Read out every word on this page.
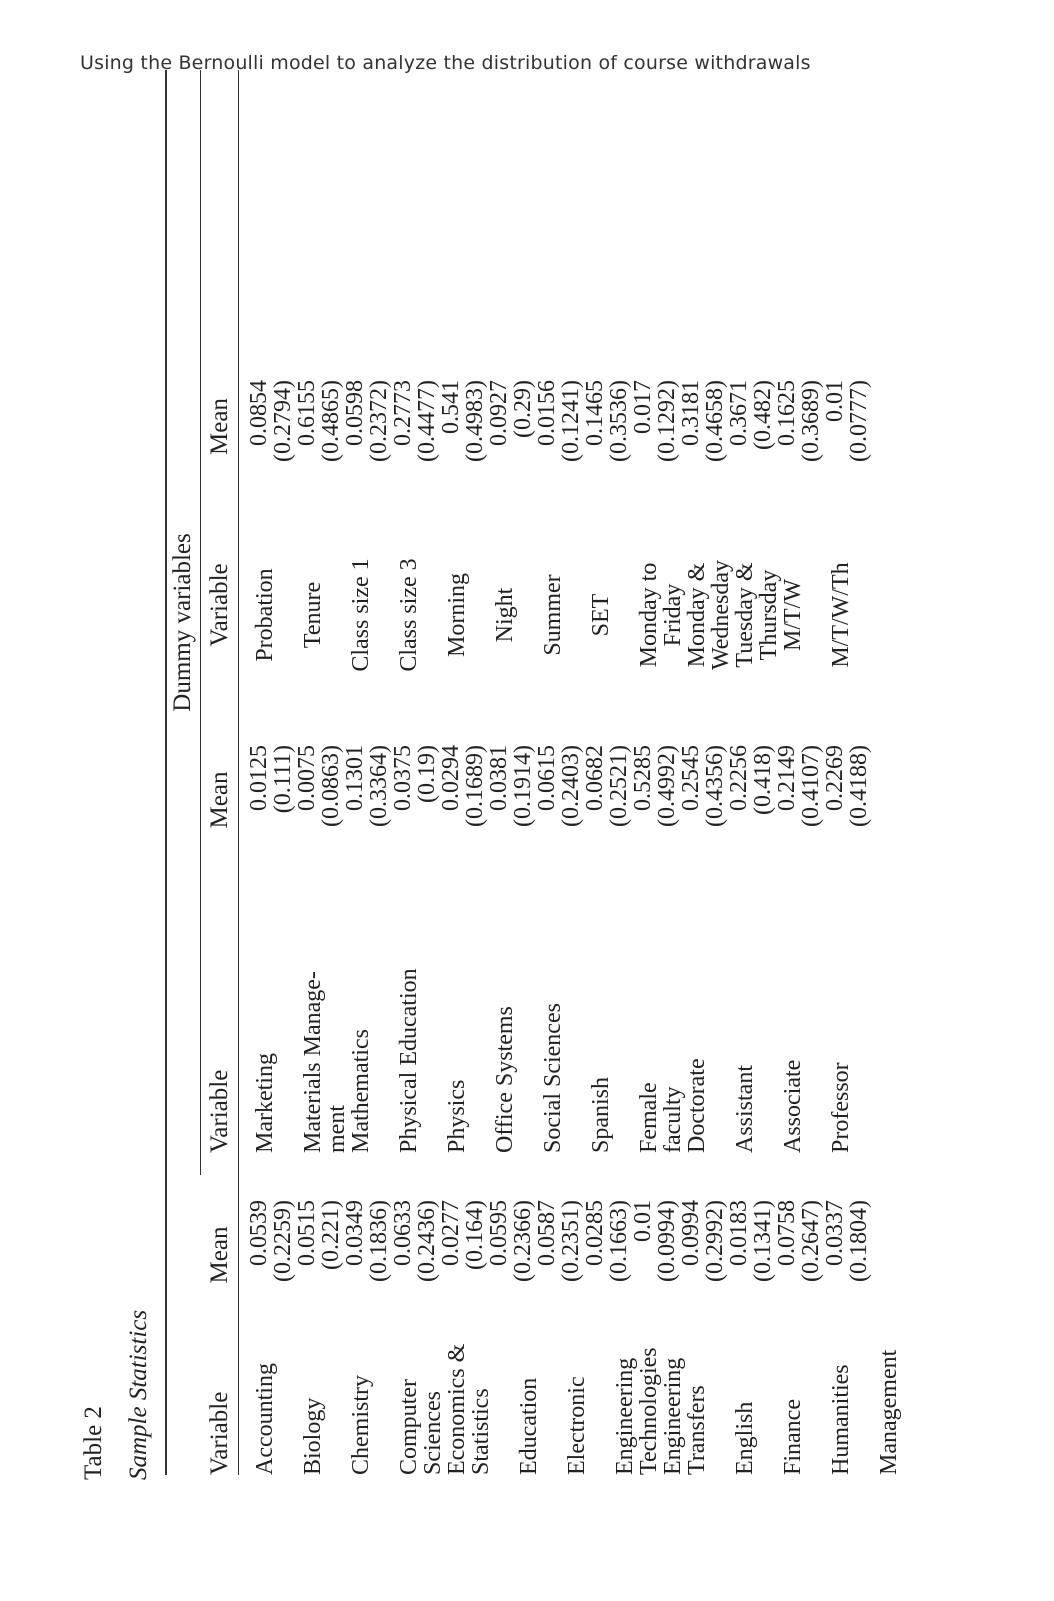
Using the Bernoulli model to analyze the distribution of course withdrawals
Table 2 Sample Statistics
Dummy variables
Variable
Mean
Variable
Mean
Variable
Mean
Accounting
Biology
Chemistry
Computer
Sciences
Economics &
Statistics
Education
Electronic
Engineering
Technologies
Engineering
Transfers
English
Finance
Humanities
Management
0.0539
(0.2259)
0.0515
(0.221)
0.0349
(0.1836)
0.0633
(0.2436)
0.0277
(0.164)
0.0595
(0.2366)
0.0587
(0.2351)
0.0285
(0.1663)
0.01
(0.0994)
0.0994
(0.2992)
0.0183
(0.1341)
0.0758
(0.2647)
0.0337
(0.1804)
Marketing
Materials Manage-
ment
Mathematics
Physical Education
Physics
Office Systems
Social Sciences
Spanish
Female
faculty
Doctorate
Assistant
Associate
Professor

0.0125
(0.111)
0.0075
(0.0863)
0.1301
(0.3364)
0.0375
(0.19)
0.0294
(0.1689)
0.0381
(0.1914)
0.0615
(0.2403)
0.0682
(0.2521)
0.5285
(0.4992)
0.2545
(0.4356)
0.2256
(0.418)
0.2149
(0.4107)
0.2269
(0.4188)
Probation
Tenure
Class size 1
Class size 3
Morning
Night
Summer
SET
Monday to
Friday
Monday &
Wednesday
Tuesday &
Thursday
M/T/W
M/T/W/Th

0.0854
(0.2794)
0.6155
(0.4865)
0.0598
(0.2372)
0.2773
(0.4477)
0.541
(0.4983)
0.0927
(0.29)
0.0156
(0.1241)
0.1465
(0.3536)
0.017
(0.1292)
0.3181
(0.4658)
0.3671
(0.482)
0.1625
(0.3689)
0.01
(0.0777)
